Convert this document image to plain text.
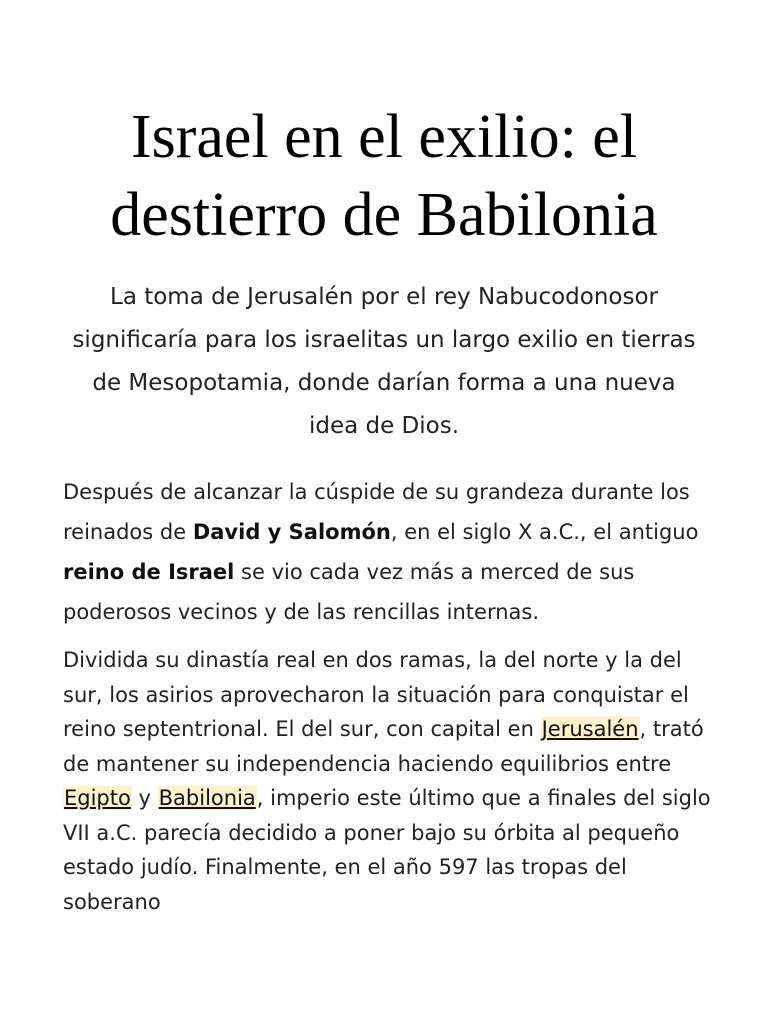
Israel en el exilio: el destierro de Babilonia

La toma de Jerusalén por el rey Nabucodonosor significaría para los israelitas un largo exilio en tierras de Mesopotamia, donde darían forma a una nueva idea de Dios.

Después de alcanzar la cúspide de su grandeza durante los reinados de David y Salomón, en el siglo X a.C., el antiguo reino de Israel se vio cada vez más a merced de sus poderosos vecinos y de las rencillas internas.

Dividida su dinastía real en dos ramas, la del norte y la del sur, los asirios aprovecharon la situación para conquistar el reino septentrional. El del sur, con capital en Jerusalén, trató de mantener su independencia haciendo equilibrios entre Egipto y Babilonia, imperio este último que a finales del siglo VII a.C. parecía decidido a poner bajo su órbita al pequeño estado judío. Finalmente, en el año 597 las tropas del soberano
